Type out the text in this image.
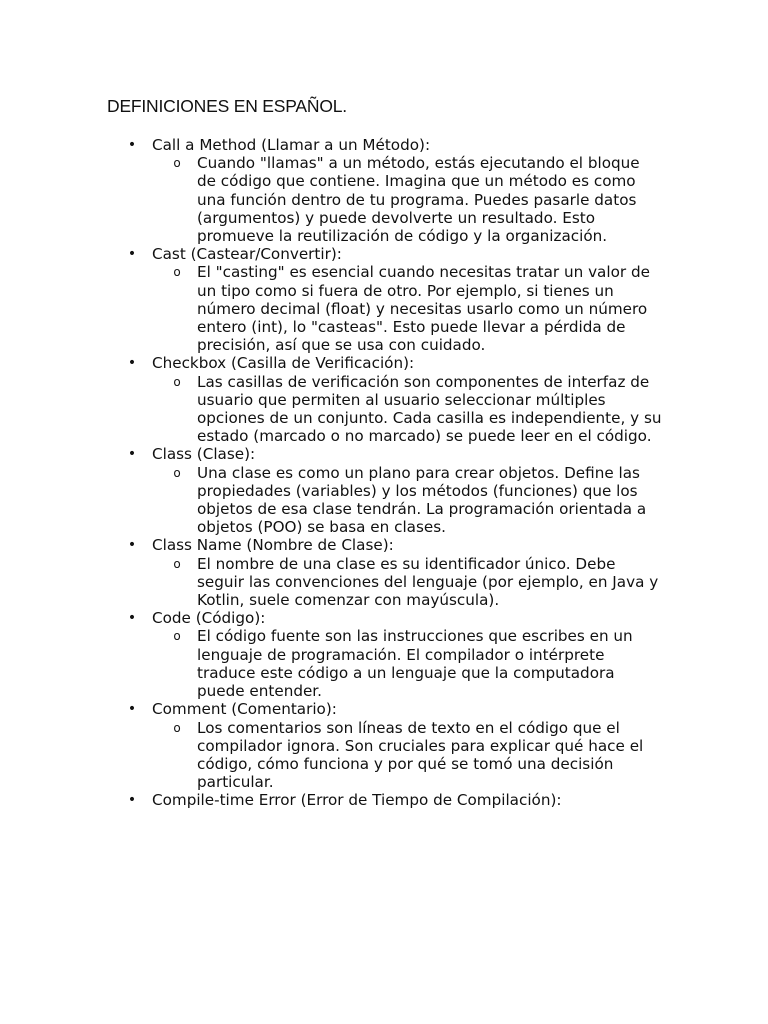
DEFINICIONES EN ESPAÑOL.
• Call a Method (Llamar a un Método):
o Cuando "llamas" a un método, estás ejecutando el bloque de código que contiene. Imagina que un método es como una función dentro de tu programa. Puedes pasarle datos (argumentos) y puede devolverte un resultado. Esto promueve la reutilización de código y la organización.
• Cast (Castear/Convertir):
o El "casting" es esencial cuando necesitas tratar un valor de un tipo como si fuera de otro. Por ejemplo, si tienes un número decimal (float) y necesitas usarlo como un número entero (int), lo "casteas". Esto puede llevar a pérdida de precisión, así que se usa con cuidado.
• Checkbox (Casilla de Verificación):
o Las casillas de verificación son componentes de interfaz de usuario que permiten al usuario seleccionar múltiples opciones de un conjunto. Cada casilla es independiente, y su estado (marcado o no marcado) se puede leer en el código.
• Class (Clase):
o Una clase es como un plano para crear objetos. Define las propiedades (variables) y los métodos (funciones) que los objetos de esa clase tendrán. La programación orientada a objetos (POO) se basa en clases.
• Class Name (Nombre de Clase):
o El nombre de una clase es su identificador único. Debe seguir las convenciones del lenguaje (por ejemplo, en Java y Kotlin, suele comenzar con mayúscula).
• Code (Código):
o El código fuente son las instrucciones que escribes en un lenguaje de programación. El compilador o intérprete traduce este código a un lenguaje que la computadora puede entender.
• Comment (Comentario):
o Los comentarios son líneas de texto en el código que el compilador ignora. Son cruciales para explicar qué hace el código, cómo funciona y por qué se tomó una decisión particular.
• Compile-time Error (Error de Tiempo de Compilación):
